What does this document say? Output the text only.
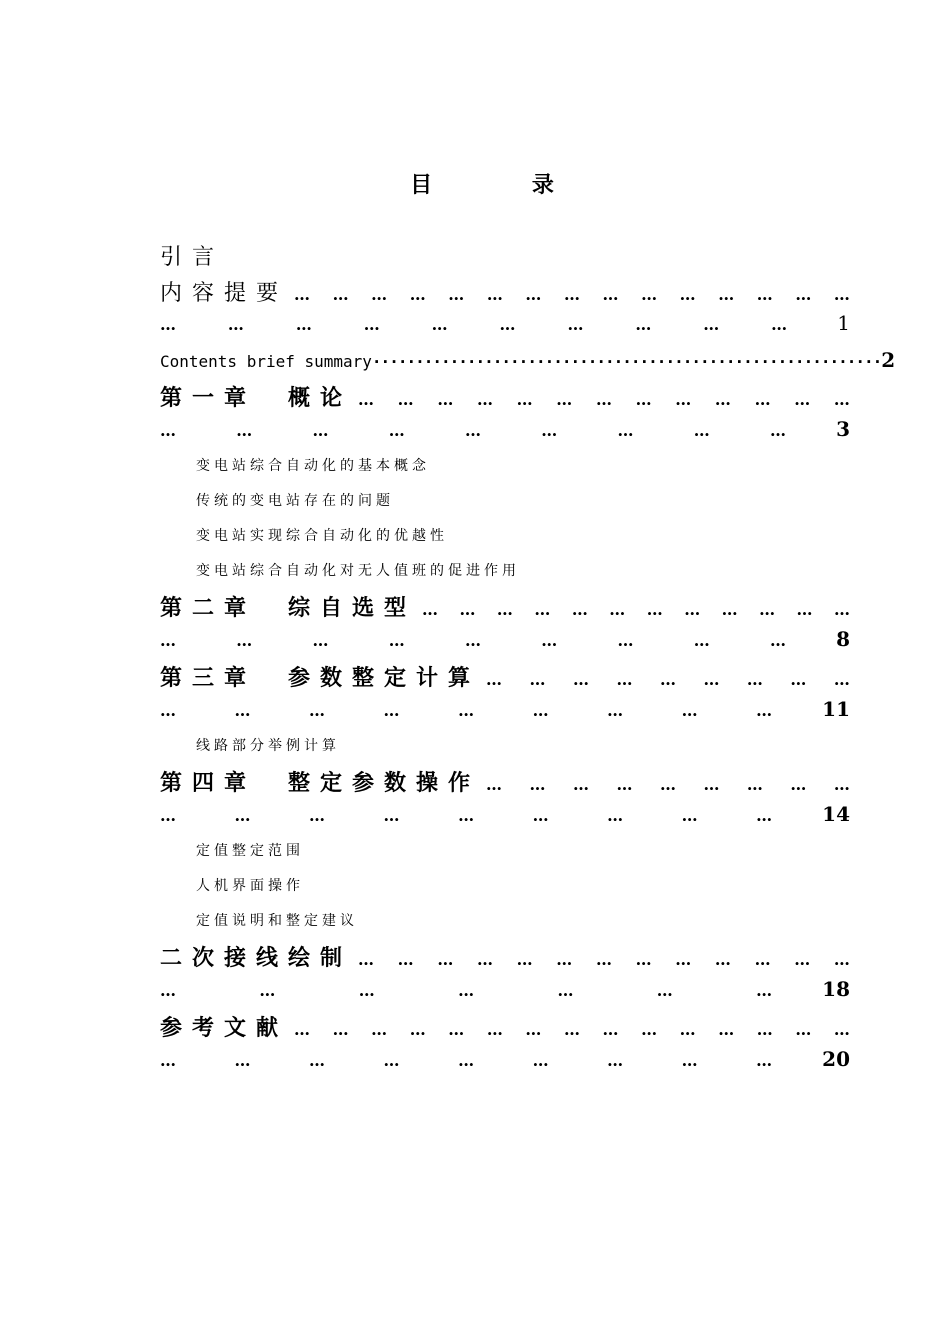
目 录
引言
内容提要 … … … … … … … … … … … … … … …
…	…	…	…	…	…	…	…	…	…	1
Contents brief summary···························································2
第一章　概论 … … … … … … … … … … … … …
…	…	…	…	…	…	…	…	…	3
变电站综合自动化的基本概念
传统的变电站存在的问题
变电站实现综合自动化的优越性
变电站综合自动化对无人值班的促进作用
第二章　综自选型 … … … … … … … … … … … …
…	…	…	…	…	…	…	…	…	8
第三章　参数整定计算 … … … … … … … … …
…	…	…	…	…	…	…	…	…	11
线路部分举例计算
第四章　整定参数操作 … … … … … … … … …
…	…	…	…	…	…	…	…	…	14
定值整定范围
人机界面操作
定值说明和整定建议
二次接线绘制 … … … … … … … … … … … … …
…	…	…	…	…	…	…	18
参考文献 … … … … … … … … … … … … … … …
…	…	…	…	…	…	…	…	…	20
